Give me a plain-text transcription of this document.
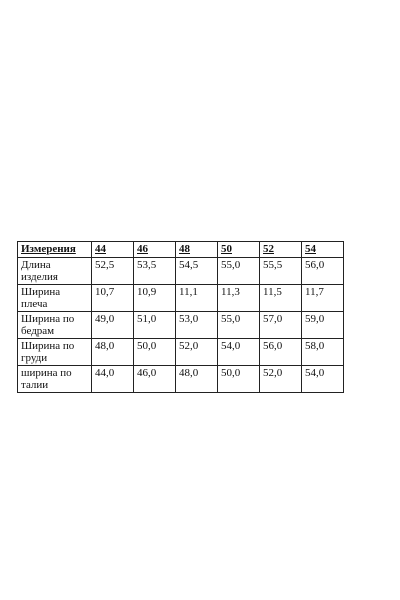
Измерения	44	46	48	50	52	54
Длина изделия	52,5	53,5	54,5	55,0	55,5	56,0
Ширина плеча	10,7	10,9	11,1	11,3	11,5	11,7
Ширина по бедрам	49,0	51,0	53,0	55,0	57,0	59,0
Ширина по груди	48,0	50,0	52,0	54,0	56,0	58,0
ширина по талии	44,0	46,0	48,0	50,0	52,0	54,0
